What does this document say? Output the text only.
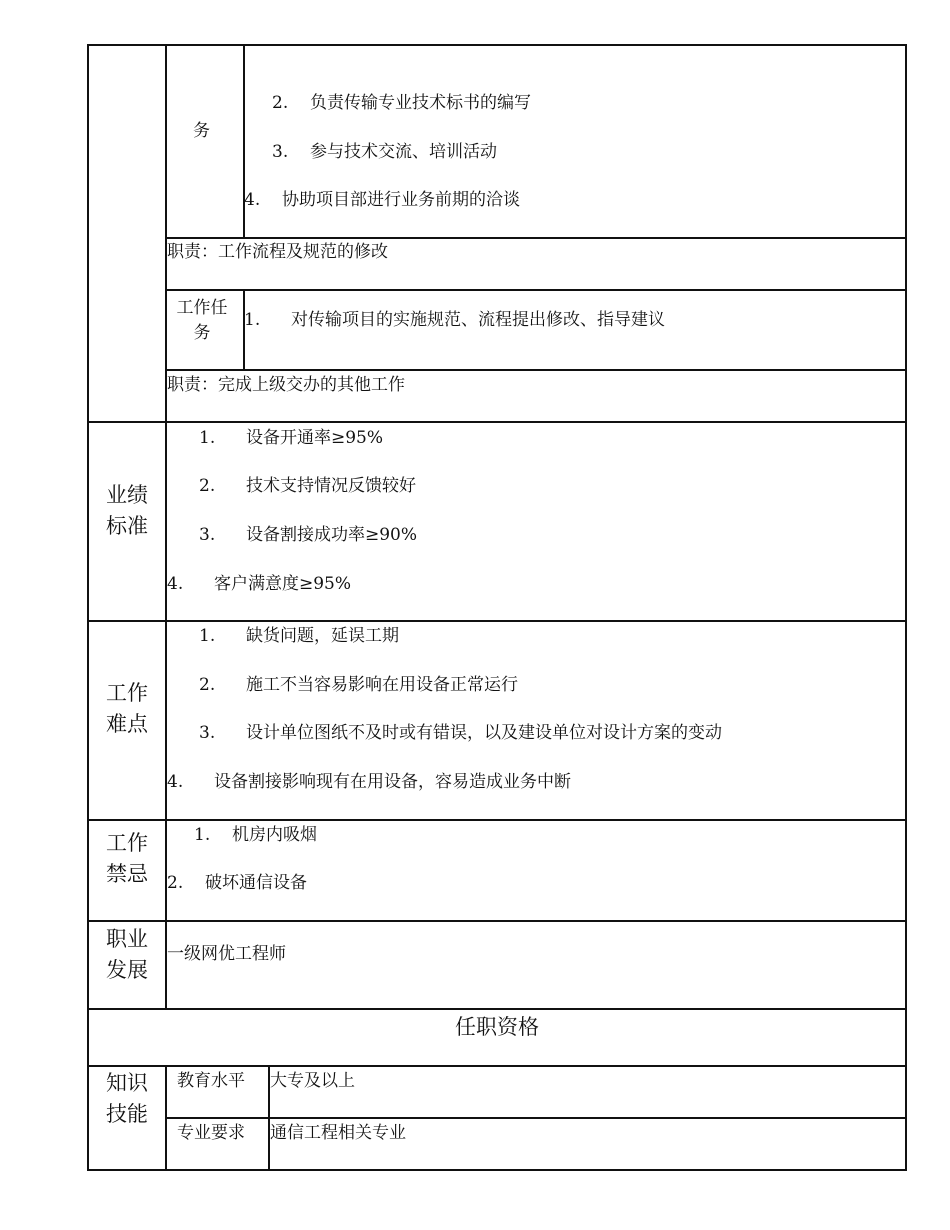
务
2. 负责传输专业技术标书的编写
3. 参与技术交流、培训活动
4. 协助项目部进行业务前期的洽谈
职责：工作流程及规范的修改
工作任务
1. 对传输项目的实施规范、流程提出修改、指导建议
职责：完成上级交办的其他工作
业绩标准
1. 设备开通率≥95%
2. 技术支持情况反馈较好
3. 设备割接成功率≥90%
4. 客户满意度≥95%
工作难点
1. 缺货问题，延误工期
2. 施工不当容易影响在用设备正常运行
3. 设计单位图纸不及时或有错误，以及建设单位对设计方案的变动
4. 设备割接影响现有在用设备，容易造成业务中断
工作禁忌
1. 机房内吸烟
2. 破坏通信设备
职业发展
一级网优工程师
任职资格
知识技能
教育水平 大专及以上
专业要求 通信工程相关专业
